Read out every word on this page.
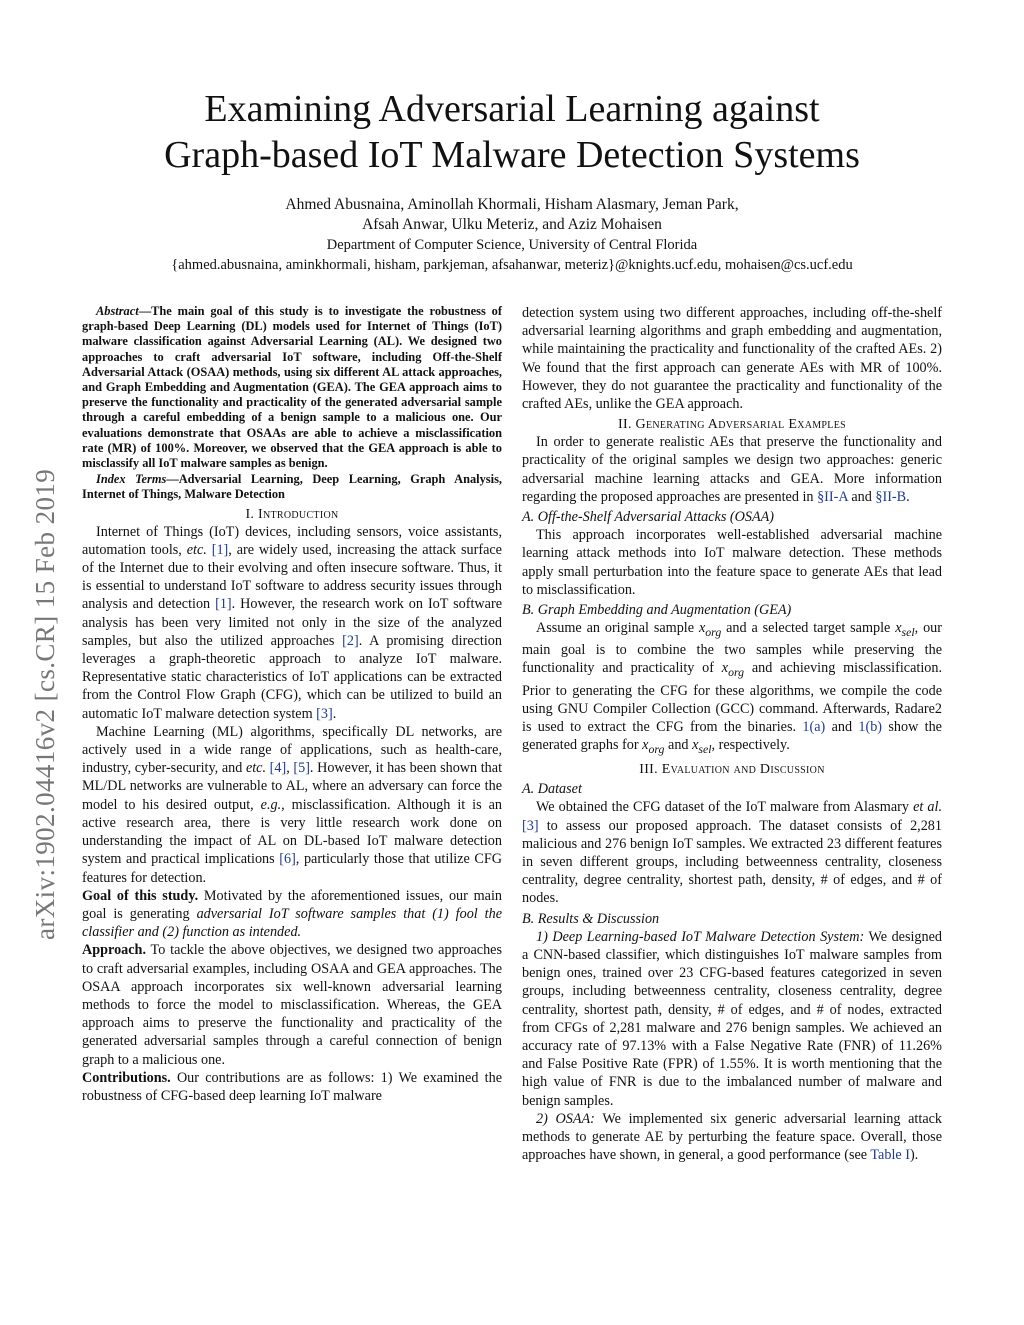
Examining Adversarial Learning against
Graph-based IoT Malware Detection Systems
Ahmed Abusnaina, Aminollah Khormali, Hisham Alasmary, Jeman Park,
Afsah Anwar, Ulku Meteriz, and Aziz Mohaisen
Department of Computer Science, University of Central Florida
{ahmed.abusnaina, aminkhormali, hisham, parkjeman, afsahanwar, meteriz}@knights.ucf.edu, mohaisen@cs.ucf.edu
arXiv:1902.04416v2 [cs.CR] 15 Feb 2019

Abstract—The main goal of this study is to investigate the robustness of graph-based Deep Learning (DL) models used for Internet of Things (IoT) malware classification against Adversarial Learning (AL). We designed two approaches to craft adversarial IoT software, including Off-the-Shelf Adversarial Attack (OSAA) methods, using six different AL attack approaches, and Graph Embedding and Augmentation (GEA). The GEA approach aims to preserve the functionality and practicality of the generated adversarial sample through a careful embedding of a benign sample to a malicious one. Our evaluations demonstrate that OSAAs are able to achieve a misclassification rate (MR) of 100%. Moreover, we observed that the GEA approach is able to misclassify all IoT malware samples as benign.

Index Terms—Adversarial Learning, Deep Learning, Graph Analysis, Internet of Things, Malware Detection

I. Introduction

Internet of Things (IoT) devices, including sensors, voice assistants, automation tools, etc. [1], are widely used, increasing the attack surface of the Internet due to their evolving and often insecure software. Thus, it is essential to understand IoT software to address security issues through analysis and detection [1]. However, the research work on IoT software analysis has been very limited not only in the size of the analyzed samples, but also the utilized approaches [2]. A promising direction leverages a graph-theoretic approach to analyze IoT malware. Representative static characteristics of IoT applications can be extracted from the Control Flow Graph (CFG), which can be utilized to build an automatic IoT malware detection system [3].

Machine Learning (ML) algorithms, specifically DL networks, are actively used in a wide range of applications, such as health-care, industry, cyber-security, and etc. [4], [5]. However, it has been shown that ML/DL networks are vulnerable to AL, where an adversary can force the model to his desired output, e.g., misclassification. Although it is an active research area, there is very little research work done on understanding the impact of AL on DL-based IoT malware detection system and practical implications [6], particularly those that utilize CFG features for detection.

Goal of this study. Motivated by the aforementioned issues, our main goal is generating adversarial IoT software samples that (1) fool the classifier and (2) function as intended.

Approach. To tackle the above objectives, we designed two approaches to craft adversarial examples, including OSAA and GEA approaches. The OSAA approach incorporates six well-known adversarial learning methods to force the model to misclassification. Whereas, the GEA approach aims to preserve the functionality and practicality of the generated adversarial samples through a careful connection of benign graph to a malicious one.

Contributions. Our contributions are as follows: 1) We examined the robustness of CFG-based deep learning IoT malware

detection system using two different approaches, including off-the-shelf adversarial learning algorithms and graph embedding and augmentation, while maintaining the practicality and functionality of the crafted AEs. 2) We found that the first approach can generate AEs with MR of 100%. However, they do not guarantee the practicality and functionality of the crafted AEs, unlike the GEA approach.

II. Generating Adversarial Examples

In order to generate realistic AEs that preserve the functionality and practicality of the original samples we design two approaches: generic adversarial machine learning attacks and GEA. More information regarding the proposed approaches are presented in §II-A and §II-B.

A. Off-the-Shelf Adversarial Attacks (OSAA)

This approach incorporates well-established adversarial machine learning attack methods into IoT malware detection. These methods apply small perturbation into the feature space to generate AEs that lead to misclassification.

B. Graph Embedding and Augmentation (GEA)

Assume an original sample $x_{org}$ and a selected target sample $x_{sel}$, our main goal is to combine the two samples while preserving the functionality and practicality of $x_{org}$ and achieving misclassification. Prior to generating the CFG for these algorithms, we compile the code using GNU Compiler Collection (GCC) command. Afterwards, Radare2 is used to extract the CFG from the binaries. 1(a) and 1(b) show the generated graphs for $x_{org}$ and $x_{sel}$, respectively.

III. Evaluation and Discussion
A. Dataset

We obtained the CFG dataset of the IoT malware from Alasmary et al. [3] to assess our proposed approach. The dataset consists of 2,281 malicious and 276 benign IoT samples. We extracted 23 different features in seven different groups, including betweenness centrality, closeness centrality, degree centrality, shortest path, density, # of edges, and # of nodes.

B. Results & Discussion

1) Deep Learning-based IoT Malware Detection System: We designed a CNN-based classifier, which distinguishes IoT malware samples from benign ones, trained over 23 CFG-based features categorized in seven groups, including betweenness centrality, closeness centrality, degree centrality, shortest path, density, # of edges, and # of nodes, extracted from CFGs of 2,281 malware and 276 benign samples. We achieved an accuracy rate of 97.13% with a False Negative Rate (FNR) of 11.26% and False Positive Rate (FPR) of 1.55%. It is worth mentioning that the high value of FNR is due to the imbalanced number of malware and benign samples.

2) OSAA: We implemented six generic adversarial learning attack methods to generate AE by perturbing the feature space. Overall, those approaches have shown, in general, a good performance (see Table I).
